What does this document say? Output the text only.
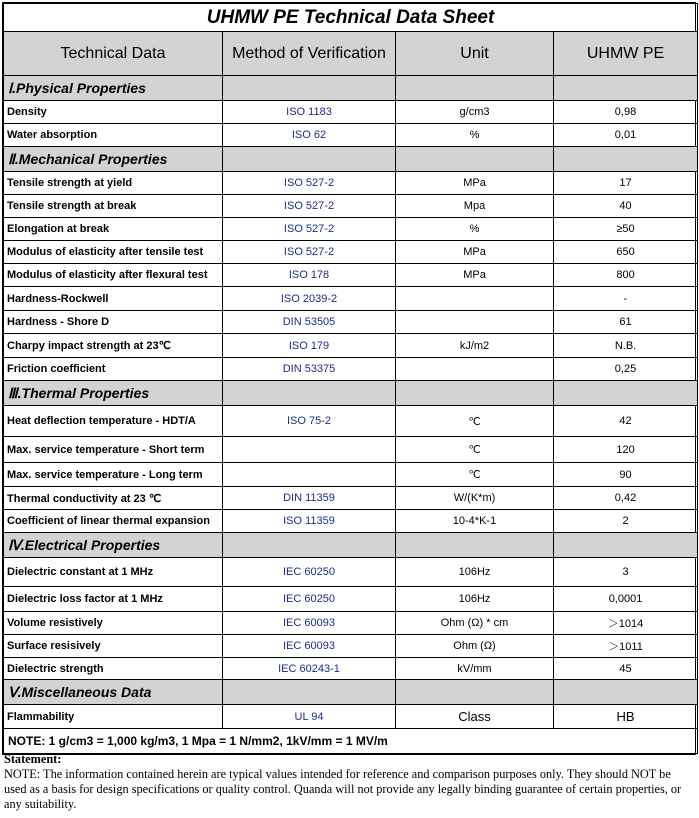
UHMW PE Technical Data Sheet			
Technical Data	Method of Verification	Unit	UHMW PE
Ⅰ.Physical Properties			
Density	ISO 1183	g/cm3	0,98
Water absorption	ISO 62	%	0,01
Ⅱ.Mechanical Properties			
Tensile strength at yield	ISO 527-2	MPa	17
Tensile strength at break	ISO 527-2	Mpa	40
Elongation at break	ISO 527-2	%	≥50
Modulus of elasticity after tensile test	ISO 527-2	MPa	650
Modulus of elasticity after flexural test	ISO 178	MPa	800
Hardness-Rockwell	ISO 2039-2		-
Hardness - Shore D	DIN 53505		61
Charpy impact strength at 23℃	ISO 179	kJ/m2	N.B.
Friction coefficient	DIN 53375		0,25
Ⅲ.Thermal Properties			
Heat deflection temperature - HDT/A	ISO 75-2	℃	42
Max. service temperature - Short term		℃	120
Max. service temperature - Long term		℃	90
Thermal conductivity at 23 ℃	DIN 11359	W/(K*m)	0,42
Coefficient of linear thermal expansion	ISO 11359	10-4*K-1	2
Ⅳ.Electrical Properties			
Dielectric constant at 1 MHz	IEC 60250	106Hz	3
Dielectric loss factor at 1 MHz	IEC 60250	106Hz	0,0001
Volume resistively	IEC 60093	Ohm (Ω) * cm	＞1014
Surface resisively	IEC 60093	Ohm (Ω)	＞1011
Dielectric strength	IEC 60243-1	kV/mm	45
Ⅴ.Miscellaneous Data			
Flammability	UL 94	Class	HB
NOTE: 1 g/cm3 = 1,000 kg/m3, 1 Mpa = 1 N/mm2, 1kV/mm = 1 MV/m			
Statement:
NOTE: The information contained herein are typical values intended for reference and comparison purposes only. They should NOT be used as a basis for design specifications or quality control. Quanda will not provide any legally binding guarantee of certain properties, or any suitability.
